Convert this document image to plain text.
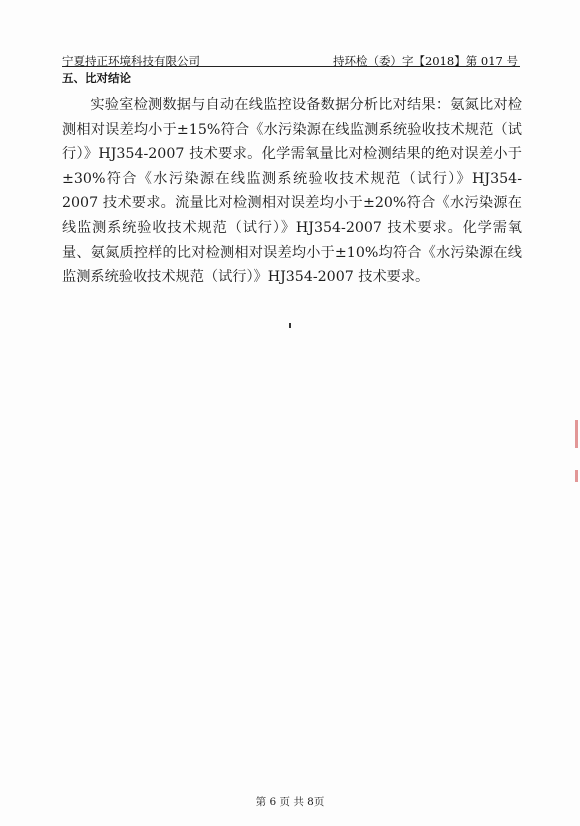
宁夏持正环境科技有限公司	持环检（委）字【2018】第 017 号
五、比对结论

实验室检测数据与自动在线监控设备数据分析比对结果：氨氮比对检测相对误差均小于±15%符合《水污染源在线监测系统验收技术规范（试行）》HJ354-2007 技术要求。化学需氧量比对检测结果的绝对误差小于±30%符合《水污染源在线监测系统验收技术规范（试行）》HJ354-2007 技术要求。流量比对检测相对误差均小于±20%符合《水污染源在线监测系统验收技术规范（试行）》HJ354-2007 技术要求。化学需氧量、氨氮质控样的比对检测相对误差均小于±10%均符合《水污染源在线监测系统验收技术规范（试行）》HJ354-2007 技术要求。

第 6 页 共 8页
